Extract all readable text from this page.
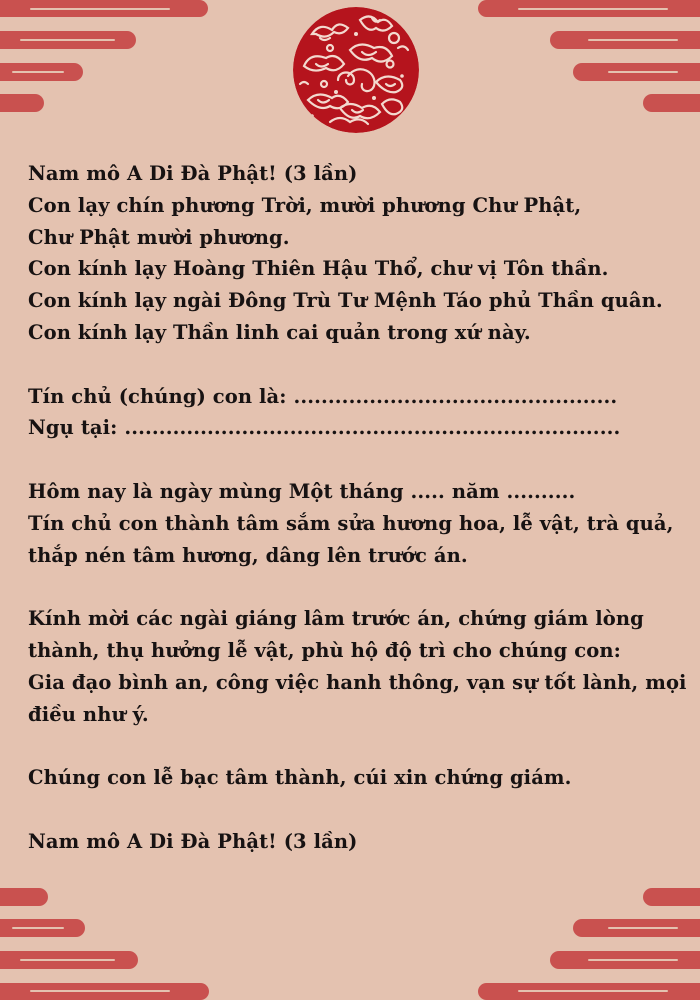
Nam mô A Di Đà Phật! (3 lần)
Con lạy chín phương Trời, mười phương Chư Phật,
Chư Phật mười phương.
Con kính lạy Hoàng Thiên Hậu Thổ, chư vị Tôn thần.
Con kính lạy ngài Đông Trù Tư Mệnh Táo phủ Thần quân.
Con kính lạy Thần linh cai quản trong xứ này.
Tín chủ (chúng) con là: ...............................................
Ngụ tại: ........................................................................
Hôm nay là ngày mùng Một tháng ..... năm ..........
Tín chủ con thành tâm sắm sửa hương hoa, lễ vật, trà quả,
thắp nén tâm hương, dâng lên trước án.
Kính mời các ngài giáng lâm trước án, chứng giám lòng
thành, thụ hưởng lễ vật, phù hộ độ trì cho chúng con:
Gia đạo bình an, công việc hanh thông, vạn sự tốt lành, mọi
điều như ý.
Chúng con lễ bạc tâm thành, cúi xin chứng giám.
Nam mô A Di Đà Phật! (3 lần)
